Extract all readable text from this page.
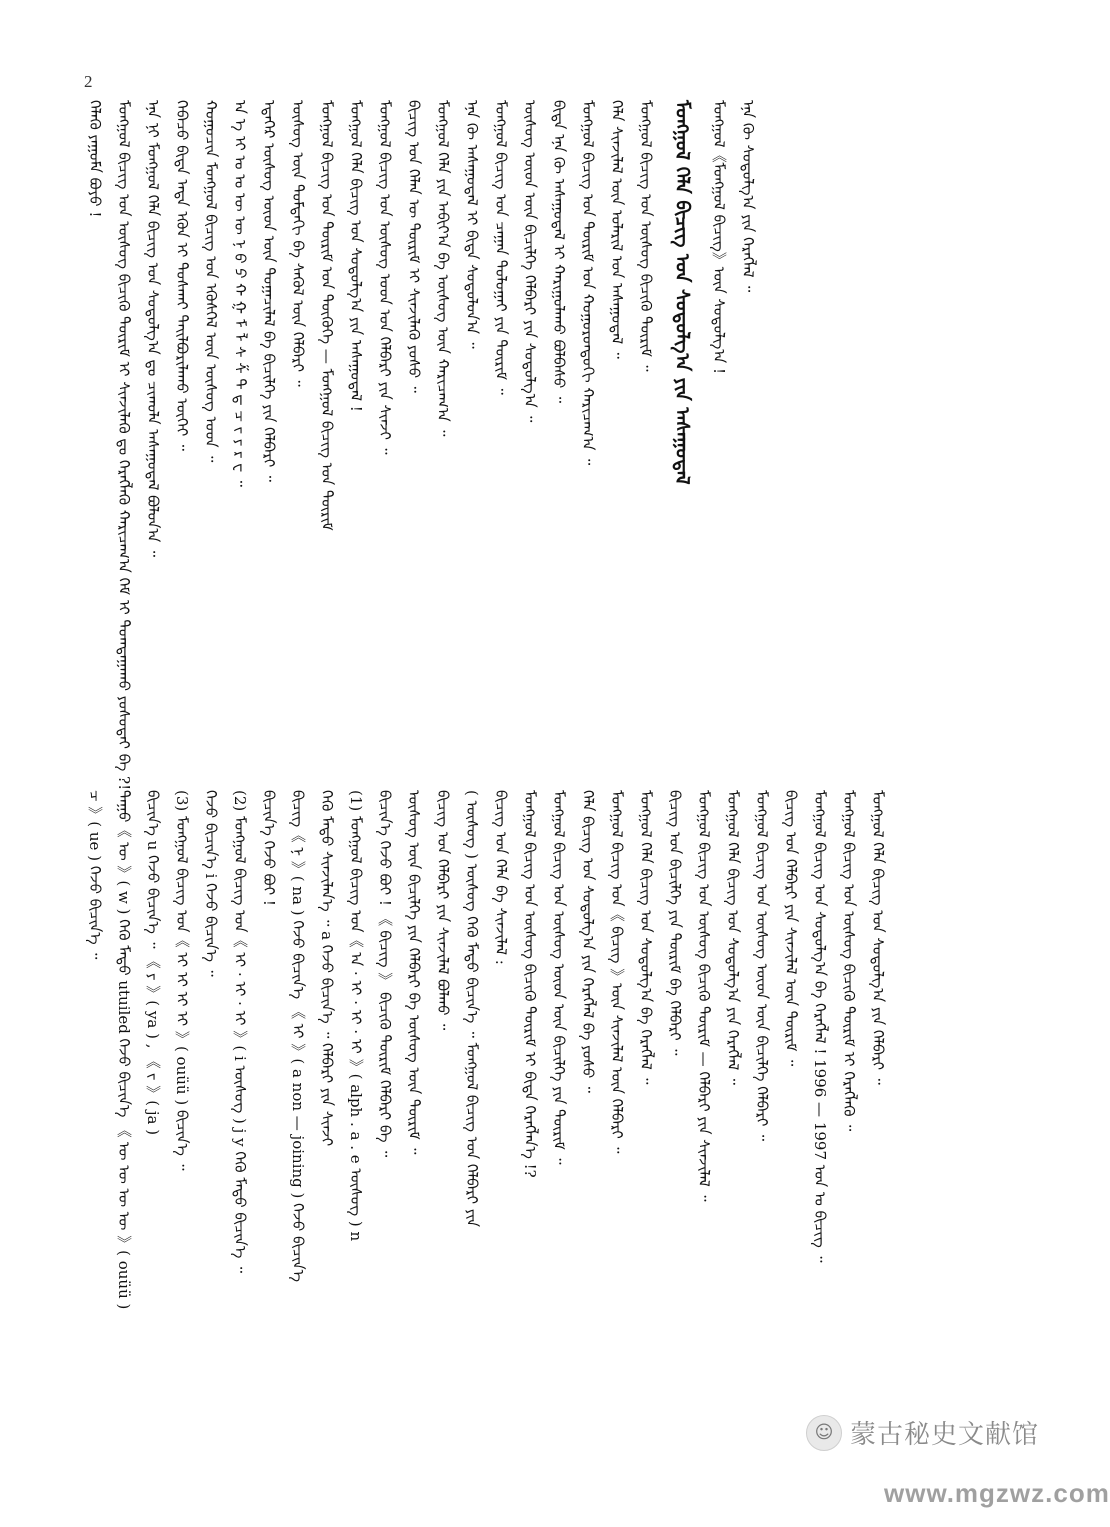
2
ᠬᠡᠯᠡᠬᠦ ᠶᠠᠭᠤᠮᠠ ᠪᠤᠶᠤ ! ᠮᠣᠩᠭᠣᠯ ᠪᠢᠴᠢᠭ ᠤᠨ ᠦᠰᠦᠭ ᠪᠢᠴᠢᠬᠦ ᠳᠦᠷᠢᠮ ᠢ ᠰᠢᠨᠵᠢᠯᠡᠬᠦ ᠳᠤ ᠬᠡᠷᠡᠭᠯᠡᠬᠦ ᠬᠠᠷᠢᠴᠠᠭ᠎ᠠ ᠬᠡᠮ ᠢ ᠲᠣᠭᠲᠠᠭᠠᠬᠤ ᠶᠤᠰᠤᠲᠠᠢ ᠪᠡ ?! ᠡᠨᠡ ᠨᠢ ᠮᠣᠩᠭᠣᠯ ᠬᠡᠯᠡ ᠪᠢᠴᠢᠭ ᠤᠨ ᠰᠤᠳᠤᠯᠭ᠎ᠠ ᠳᠤ ᠴᠢᠬᠤᠯᠠ ᠠᠰᠠᠭᠤᠳᠠᠯ ᠪᠣᠯᠤᠨ᠎ᠠ ᠃ ᠭᠡᠪᠡᠴᠦ ᠪᠢᠳᠡ ᠡᠨᠳᠡ ᠡᠭᠦᠨ ᠢ ᠲᠤᠰᠬᠠᠢ ᠲᠠᠢᠯᠪᠤᠷᠢᠯᠠᠬᠤ ᠦᠭᠡᠢ ᠃ ᠬᠤᠭᠤᠴᠢᠨ ᠮᠣᠩᠭᠣᠯ ᠪᠢᠴᠢᠭ ᠤᠨ ᠡᠭᠦᠰᠬᠡᠯ ᠦᠨ ᠦᠰᠦᠭ ᠤᠳ ᠃ ᠠ ᠡ ᠢ ᠣ ᠤ ᠥ ᠦ ᠨ ᠪ ᠫ ᠬ ᠭ ᠮ ᠯ ᠰ ᠱ ᠲ ᠳ ᠴ ᠵ ᠶ ᠷ ᠸ ᠃ ᠡᠳᠡᠭᠡᠷ ᠦᠰᠦᠭ ᠦᠳ ᠦᠨ ᠲᠣᠭᠠᠴᠢᠯᠠᠯ ᠪᠠ ᠪᠢᠴᠢᠯᠭᠡ ᠶᠢᠨ ᠬᠡᠯᠪᠡᠷᠢ ᠃ ᠦᠰᠦᠭ ᠦᠨ ᠳᠤᠮᠳᠠᠬᠢ ᠪᠠ ᠰᠡᠭᠦᠯ ᠦᠨ ᠬᠡᠯᠪᠡᠷᠢ ᠃ ᠮᠣᠩᠭᠣᠯ ᠪᠢᠴᠢᠭ ᠤᠨ ᠳᠦᠷᠢᠮ ᠤᠨ ᠲᠦᠬᠦᠬᠡ — ᠮᠣᠩᠭᠣᠯ ᠪᠢᠴᠢᠭ ᠤᠨ ᠳᠦᠷᠢᠮ ᠮᠣᠩᠭᠣᠯ ᠬᠡᠯᠡ ᠪᠢᠴᠢᠭ ᠤᠨ ᠰᠤᠳᠤᠯᠭ᠎ᠠ ᠶᠢᠨ ᠠᠰᠠᠭᠤᠳᠠᠯ ! ᠮᠣᠩᠭᠣᠯ ᠪᠢᠴᠢᠭ ᠤᠨ ᠦᠰᠦᠭ ᠤᠳ ᠤᠨ ᠬᠡᠯᠪᠡᠷᠢ ᠶᠢᠨ ᠰᠢᠨᠵᠢ ᠃ ᠪᠢᠴᠢᠭ ᠤᠨ ᠬᠡᠯᠡᠨ ᠦ ᠳᠦᠷᠢᠮ ᠢ ᠰᠢᠨᠵᠢᠯᠡᠬᠦ ᠶᠤᠰᠤ ᠃ ᠮᠣᠩᠭᠣᠯ ᠬᠡᠯᠡ ᠶᠢᠨ ᠠᠪᠢᠶ᠎ᠠ ᠪᠠ ᠦᠰᠦᠭ ᠦᠨ ᠬᠠᠷᠢᠴᠠᠭ᠎ᠠ ᠃ ᠡᠨᠡ ᠬᠦ ᠠᠰᠠᠭᠤᠳᠠᠯ ᠢ ᠪᠢᠳᠡ ᠰᠤᠳᠤᠯᠤᠨ᠎ᠠ ᠃ ᠮᠣᠩᠭᠣᠯ ᠪᠢᠴᠢᠭ ᠤᠨ ᠴᠠᠭᠠᠨ ᠲᠣᠯᠤᠭᠠᠢ ᠶᠢᠨ ᠳᠦᠷᠢᠮ ᠃ ᠦᠰᠦᠭ ᠦᠳ ᠦᠨ ᠪᠢᠴᠢᠯᠭᠡ ᠬᠡᠯᠪᠡᠷᠢ ᠶᠢᠨ ᠰᠤᠳᠤᠯᠭ᠎ᠠ ᠃ ᠪᠢᠳᠡ ᠡᠨᠡ ᠬᠦ ᠠᠰᠠᠭᠤᠳᠠᠯ ᠢ ᠬᠠᠷᠢᠭᠤᠯᠠᠬᠤ ᠪᠣᠯᠪᠠᠰᠤ ᠃ ᠮᠣᠩᠭᠣᠯ ᠪᠢᠴᠢᠭ ᠤᠨ ᠳᠦᠷᠢᠮ ᠤᠨ ᠬᠣᠭᠤᠷᠣᠨᠳᠣᠬᠢ ᠬᠠᠷᠢᠴᠠᠭ᠎ᠠ ᠃ ᠬᠡᠯᠡ ᠰᠢᠨᠵᠢᠯᠡᠯ ᠦᠨ ᠤᠯᠠᠷᠢᠯ ᠤᠨ ᠠᠰᠠᠭᠤᠳᠠᠯ ᠃ ᠮᠣᠩᠭᠣᠯ ᠪᠢᠴᠢᠭ ᠤᠨ ᠦᠰᠦᠭ ᠪᠢᠴᠢᠬᠦ ᠳᠦᠷᠢᠮ ᠃ ᠮᠣᠩᠭᠣᠯ ᠬᠡᠯᠡ ᠪᠢᠴᠢᠭ ᠤᠨ ᠰᠤᠳᠤᠯᠭ᠎ᠠ ᠶᠢᠨ ᠠᠰᠠᠭᠤᠳᠠᠯ	ᠮᠣᠩᠭᠣᠯ《ᠮᠣᠩᠭᠣᠯ ᠪᠢᠴᠢᠭ》ᠦᠨ ᠰᠤᠳᠤᠯᠭ᠎ᠠ ! ᠡᠨᠡ ᠬᠦ ᠰᠤᠳᠤᠯᠭ᠎ᠠ ᠶᠢᠨ ᠬᠡᠷᠡᠭᠯᠡᠯ ᠃
ᠴ 》( ue ) ᠭᠡᠵᠦ ᠪᠢᠴᠢᠨ᠎ᠡ ᠃ ᠳᠠᠭᠤ《 ᠥ 》( w ) ᠭᠡᠬᠦ ᠮᠡᠲᠦ utuiled ᠭᠡᠵᠦ ᠪᠢᠴᠢᠨ᠎ᠡ 《 ᠥ ᠥ ᠥ ᠥ 》( ouüü ) ᠪᠢᠴᠢᠨ᠎ᠡ u ᠭᠡᠵᠦ ᠪᠢᠴᠢᠨ᠎ᠡ ᠃ 《 ᠶ 》( ya ) , 《 ᠵ 》( ja ) (3) ᠮᠣᠩᠭᠣᠯ ᠪᠢᠴᠢᠭ ᠤᠨ《 ᠢ ᠢ ᠢ ᠢ 》( ouüü ) ᠪᠢᠴᠢᠨ᠎ᠡ ᠃ ᠭᠡᠵᠦ ᠪᠢᠴᠢᠨ᠎ᠡ i ᠭᠡᠵᠦ ᠪᠢᠴᠢᠨ᠎ᠡ ᠃ (2) ᠮᠣᠩᠭᠣᠯ ᠪᠢᠴᠢᠭ ᠤᠨ《 ᠢ · ᠢ · ᠢ 》( i ᠦᠰᠦᠭ ) j y ᠭᠡᠬᠦ ᠮᠡᠲᠦ ᠪᠢᠴᠢᠨ᠎ᠡ ᠃ ᠪᠢᠴᠢᠨ᠎ᠡ ᠭᠡᠵᠦ ᠪᠣᠢ ! ᠪᠢᠴᠢᠭ《 ᠨ 》( na ) ᠭᠡᠵᠦ ᠪᠢᠴᠢᠨ᠎ᠡ 《 ᠢ 》( a non — joining ) ᠭᠡᠵᠦ ᠪᠢᠴᠢᠨ᠎ᠡ ᠭᠡᠬᠦ ᠮᠡᠲᠦ ᠰᠢᠨᠵᠢᠯᠡᠨ᠎ᠡ ᠃ a ᠭᠡᠵᠦ ᠪᠢᠴᠢᠨ᠎ᠡ ᠃ ᠬᠡᠯᠪᠡᠷᠢ ᠶᠢᠨ ᠰᠢᠨᠵᠢ (1) ᠮᠣᠩᠭᠣᠯ ᠪᠢᠴᠢᠭ ᠤᠨ《 ᠠ · ᠢ · ᠢ · ᠢ 》( alph . a . e ᠦᠰᠦᠭ ) n ᠪᠢᠴᠢᠨ᠎ᠡ ᠭᠡᠵᠦ ᠪᠣᠢ ! 《 ᠪᠢᠴᠢᠭ 》 ᠪᠢᠴᠢᠬᠦ ᠳᠦᠷᠢᠮ ᠬᠡᠯᠪᠡᠷᠢ ᠪᠠ ᠃ ᠦᠰᠦᠭ ᠦᠨ ᠪᠢᠴᠢᠯᠭᠡ ᠶᠢᠨ ᠬᠡᠯᠪᠡᠷᠢ ᠪᠠ ᠦᠰᠦᠭ ᠦᠨ ᠳᠦᠷᠢᠮ ᠃ ᠪᠢᠴᠢᠭ ᠤᠨ ᠬᠡᠯᠪᠡᠷᠢ ᠶᠢᠨ ᠰᠢᠨᠵᠢᠯᠡᠯ ᠪᠣᠯᠬᠤ ᠃ ( ᠦᠰᠦᠭ ) ᠦᠰᠦᠭ ᠭᠡᠬᠦ ᠮᠡᠲᠦ ᠪᠢᠴᠢᠨ᠎ᠡ ᠃ ᠮᠣᠩᠭᠣᠯ ᠪᠢᠴᠢᠭ ᠤᠨ ᠬᠡᠯᠪᠡᠷᠢ ᠶᠢᠨ ᠪᠢᠴᠢᠭ ᠤᠨ ᠬᠡᠯᠡ ᠪᠠ ᠰᠢᠨᠵᠢᠯᠡᠯ : ᠮᠣᠩᠭᠣᠯ ᠪᠢᠴᠢᠭ ᠤᠨ ᠦᠰᠦᠭ ᠪᠢᠴᠢᠬᠦ ᠳᠦᠷᠢᠮ ᠢ ᠪᠢᠳᠡ ᠬᠡᠷᠡᠭᠯᠡᠨ᠎ᠡ !? ᠮᠣᠩᠭᠣᠯ ᠪᠢᠴᠢᠭ ᠤᠨ ᠦᠰᠦᠭ ᠦᠳ ᠦᠨ ᠪᠢᠴᠢᠯᠭᠡ ᠶᠢᠨ ᠳᠦᠷᠢᠮ ᠃ ᠬᠡᠯᠡ ᠪᠢᠴᠢᠭ ᠤᠨ ᠰᠤᠳᠤᠯᠭ᠎ᠠ ᠶᠢᠨ ᠬᠡᠷᠡᠭᠯᠡᠯ ᠪᠠ ᠶᠤᠰᠤ ᠃ ᠮᠣᠩᠭᠣᠯ ᠪᠢᠴᠢᠭ ᠤᠨ《 ᠪᠢᠴᠢᠭ 》ᠦᠨ ᠰᠢᠨᠵᠢᠯᠡᠯ ᠦᠨ ᠬᠡᠯᠪᠡᠷᠢ ᠃ ᠮᠣᠩᠭᠣᠯ ᠬᠡᠯᠡ ᠪᠢᠴᠢᠭ ᠤᠨ ᠰᠤᠳᠤᠯᠭ᠎ᠠ ᠪᠠ ᠬᠡᠷᠡᠭᠯᠡᠯ ᠃ ᠪᠢᠴᠢᠭ ᠤᠨ ᠪᠢᠴᠢᠯᠭᠡ ᠶᠢᠨ ᠳᠦᠷᠢᠮ ᠪᠠ ᠬᠡᠯᠪᠡᠷᠢ ᠃ ᠮᠣᠩᠭᠣᠯ ᠪᠢᠴᠢᠭ ᠤᠨ ᠦᠰᠦᠭ ᠪᠢᠴᠢᠬᠦ ᠳᠦᠷᠢᠮ — ᠬᠡᠯᠪᠡᠷᠢ ᠶᠢᠨ ᠰᠢᠨᠵᠢᠯᠡᠯ ᠃ ᠮᠣᠩᠭᠣᠯ ᠬᠡᠯᠡ ᠪᠢᠴᠢᠭ ᠤᠨ ᠰᠤᠳᠤᠯᠭ᠎ᠠ ᠶᠢᠨ ᠬᠡᠷᠡᠭᠯᠡᠯ ᠃ ᠮᠣᠩᠭᠣᠯ ᠪᠢᠴᠢᠭ ᠤᠨ ᠦᠰᠦᠭ ᠦᠳ ᠦᠨ ᠪᠢᠴᠢᠯᠭᠡ ᠬᠡᠯᠪᠡᠷᠢ ᠃ ᠪᠢᠴᠢᠭ ᠤᠨ ᠬᠡᠯᠪᠡᠷᠢ ᠶᠢᠨ ᠰᠢᠨᠵᠢᠯᠡᠯ ᠦᠨ ᠳᠦᠷᠢᠮ ᠃ ᠮᠣᠩᠭᠣᠯ ᠪᠢᠴᠢᠭ ᠤᠨ ᠰᠤᠳᠤᠯᠭ᠎ᠠ ᠪᠠ ᠬᠡᠷᠡᠭᠯᠡᠯ ! 1996 — 1997 ᠣᠨ ᠤ ᠪᠢᠴᠢᠭ ᠃ ᠮᠣᠩᠭᠣᠯ ᠪᠢᠴᠢᠭ ᠤᠨ ᠦᠰᠦᠭ ᠪᠢᠴᠢᠬᠦ ᠳᠦᠷᠢᠮ ᠢ ᠬᠡᠷᠡᠭᠯᠡᠬᠦ ᠃ ᠮᠣᠩᠭᠣᠯ ᠬᠡᠯᠡ ᠪᠢᠴᠢᠭ ᠤᠨ ᠰᠤᠳᠤᠯᠭ᠎ᠠ ᠶᠢᠨ ᠬᠡᠯᠪᠡᠷᠢ ᠃
☺ 蒙古秘史文献馆
www.mgzwz.com
